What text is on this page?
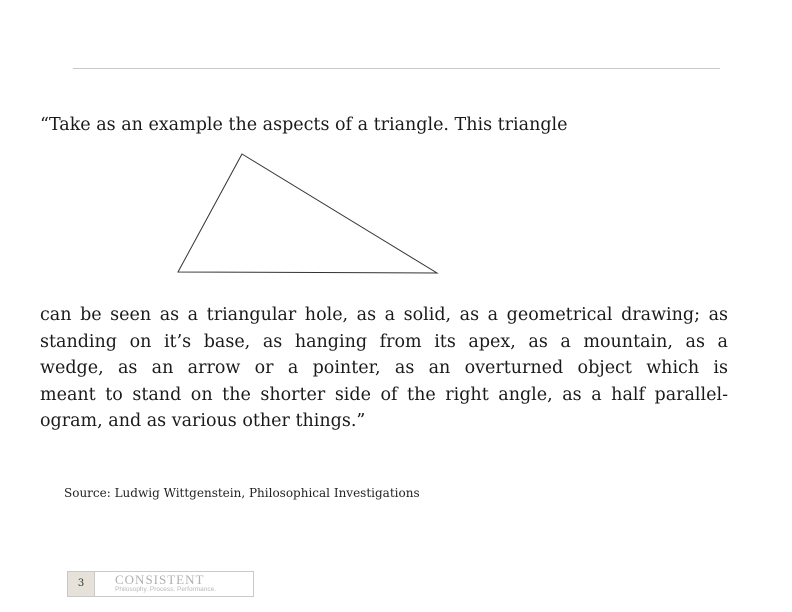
“Take as an example the aspects of a triangle. This triangle
can be seen as a triangular hole, as a solid, as a geometrical drawing; as
standing on it’s base, as hanging from its apex, as a mountain, as a
wedge, as an arrow or a pointer, as an overturned object which is
meant to stand on the shorter side of the right angle, as a half parallel-
ogram, and as various other things.”
Source: Ludwig Wittgenstein, Philosophical Investigations
3	CONSISTENT
Philosophy. Process. Performance.
